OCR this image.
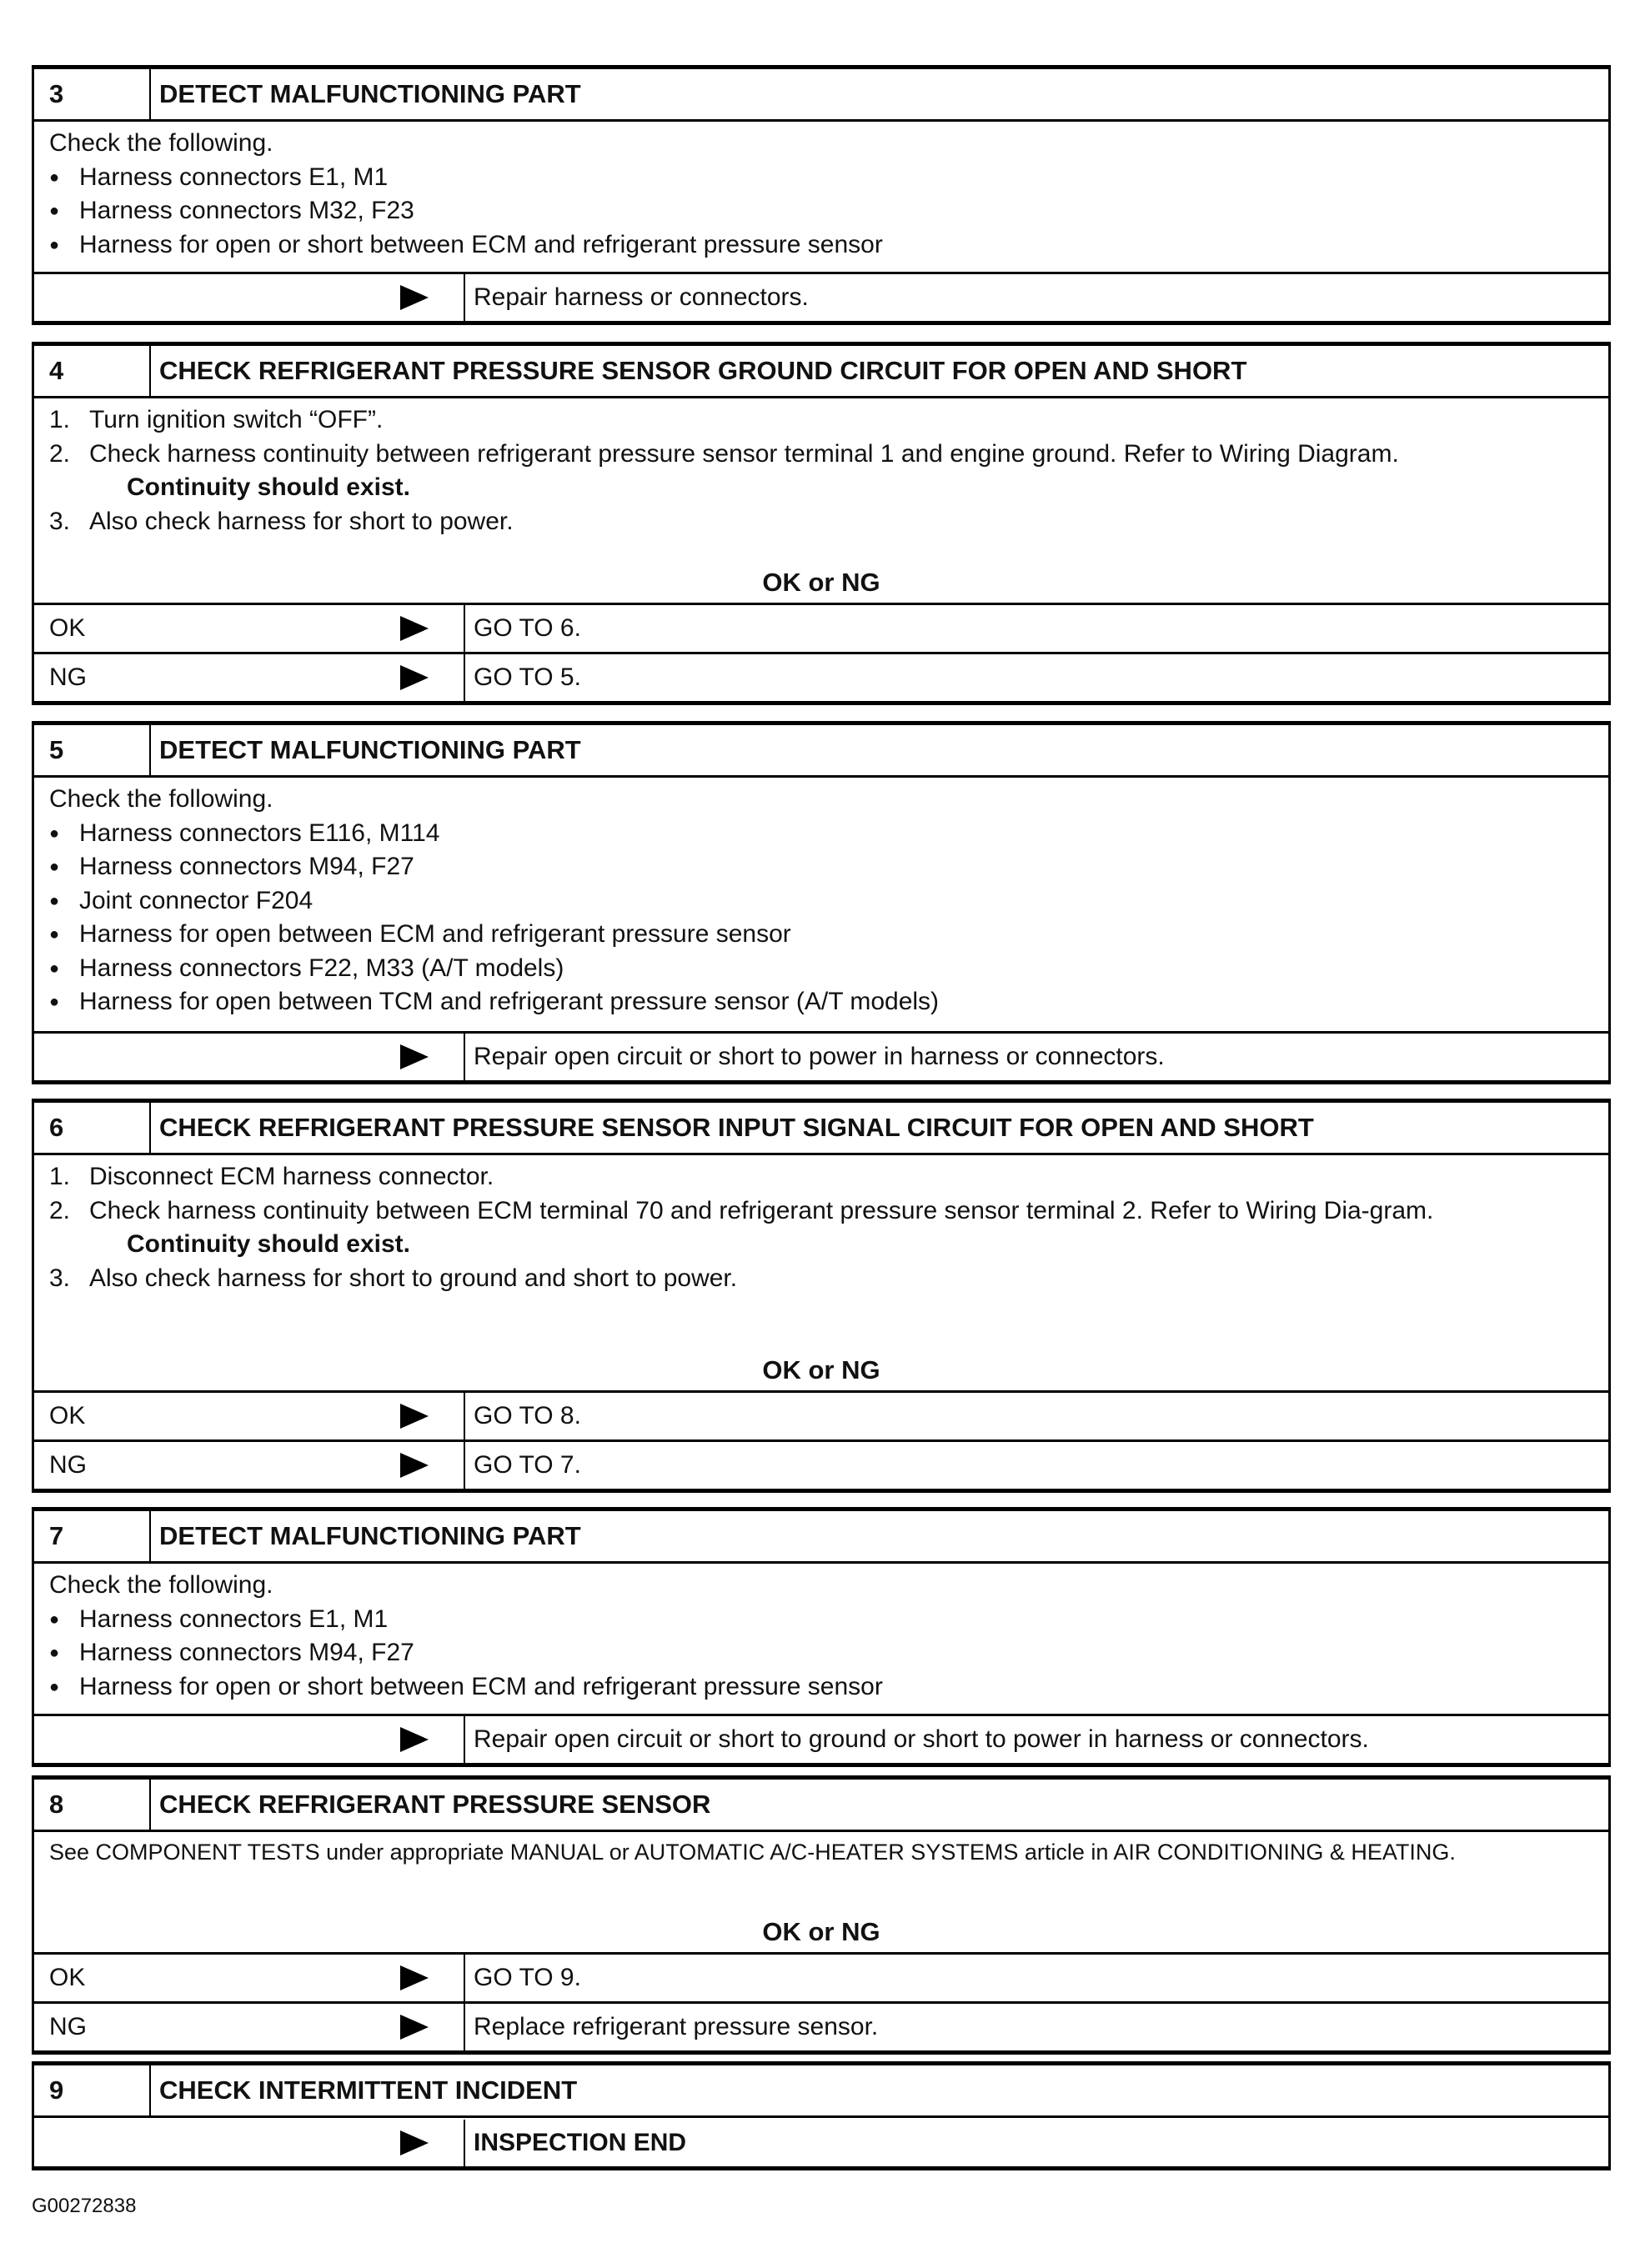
3	DETECT MALFUNCTIONING PART
Check the following.
● Harness connectors E1, M1
● Harness connectors M32, F23
● Harness for open or short between ECM and refrigerant pressure sensor
Repair harness or connectors.
4	CHECK REFRIGERANT PRESSURE SENSOR GROUND CIRCUIT FOR OPEN AND SHORT
1. Turn ignition switch “OFF”.
2. Check harness continuity between refrigerant pressure sensor terminal 1 and engine ground. Refer to Wiring Diagram.
Continuity should exist.
3. Also check harness for short to power.
OK or NG
OK	GO TO 6.
NG	GO TO 5.
5	DETECT MALFUNCTIONING PART
Check the following.
● Harness connectors E116, M114
● Harness connectors M94, F27
● Joint connector F204
● Harness for open between ECM and refrigerant pressure sensor
● Harness connectors F22, M33 (A/T models)
● Harness for open between TCM and refrigerant pressure sensor (A/T models)
Repair open circuit or short to power in harness or connectors.
6	CHECK REFRIGERANT PRESSURE SENSOR INPUT SIGNAL CIRCUIT FOR OPEN AND SHORT
1. Disconnect ECM harness connector.
2. Check harness continuity between ECM terminal 70 and refrigerant pressure sensor terminal 2. Refer to Wiring Dia-gram.
Continuity should exist.
3. Also check harness for short to ground and short to power.
OK or NG
OK	GO TO 8.
NG	GO TO 7.
7	DETECT MALFUNCTIONING PART
Check the following.
● Harness connectors E1, M1
● Harness connectors M94, F27
● Harness for open or short between ECM and refrigerant pressure sensor
Repair open circuit or short to ground or short to power in harness or connectors.
8	CHECK REFRIGERANT PRESSURE SENSOR
See COMPONENT TESTS under appropriate MANUAL or AUTOMATIC A/C-HEATER SYSTEMS article in AIR CONDITIONING & HEATING.
OK or NG
OK	GO TO 9.
NG	Replace refrigerant pressure sensor.
9	CHECK INTERMITTENT INCIDENT
INSPECTION END
G00272838
